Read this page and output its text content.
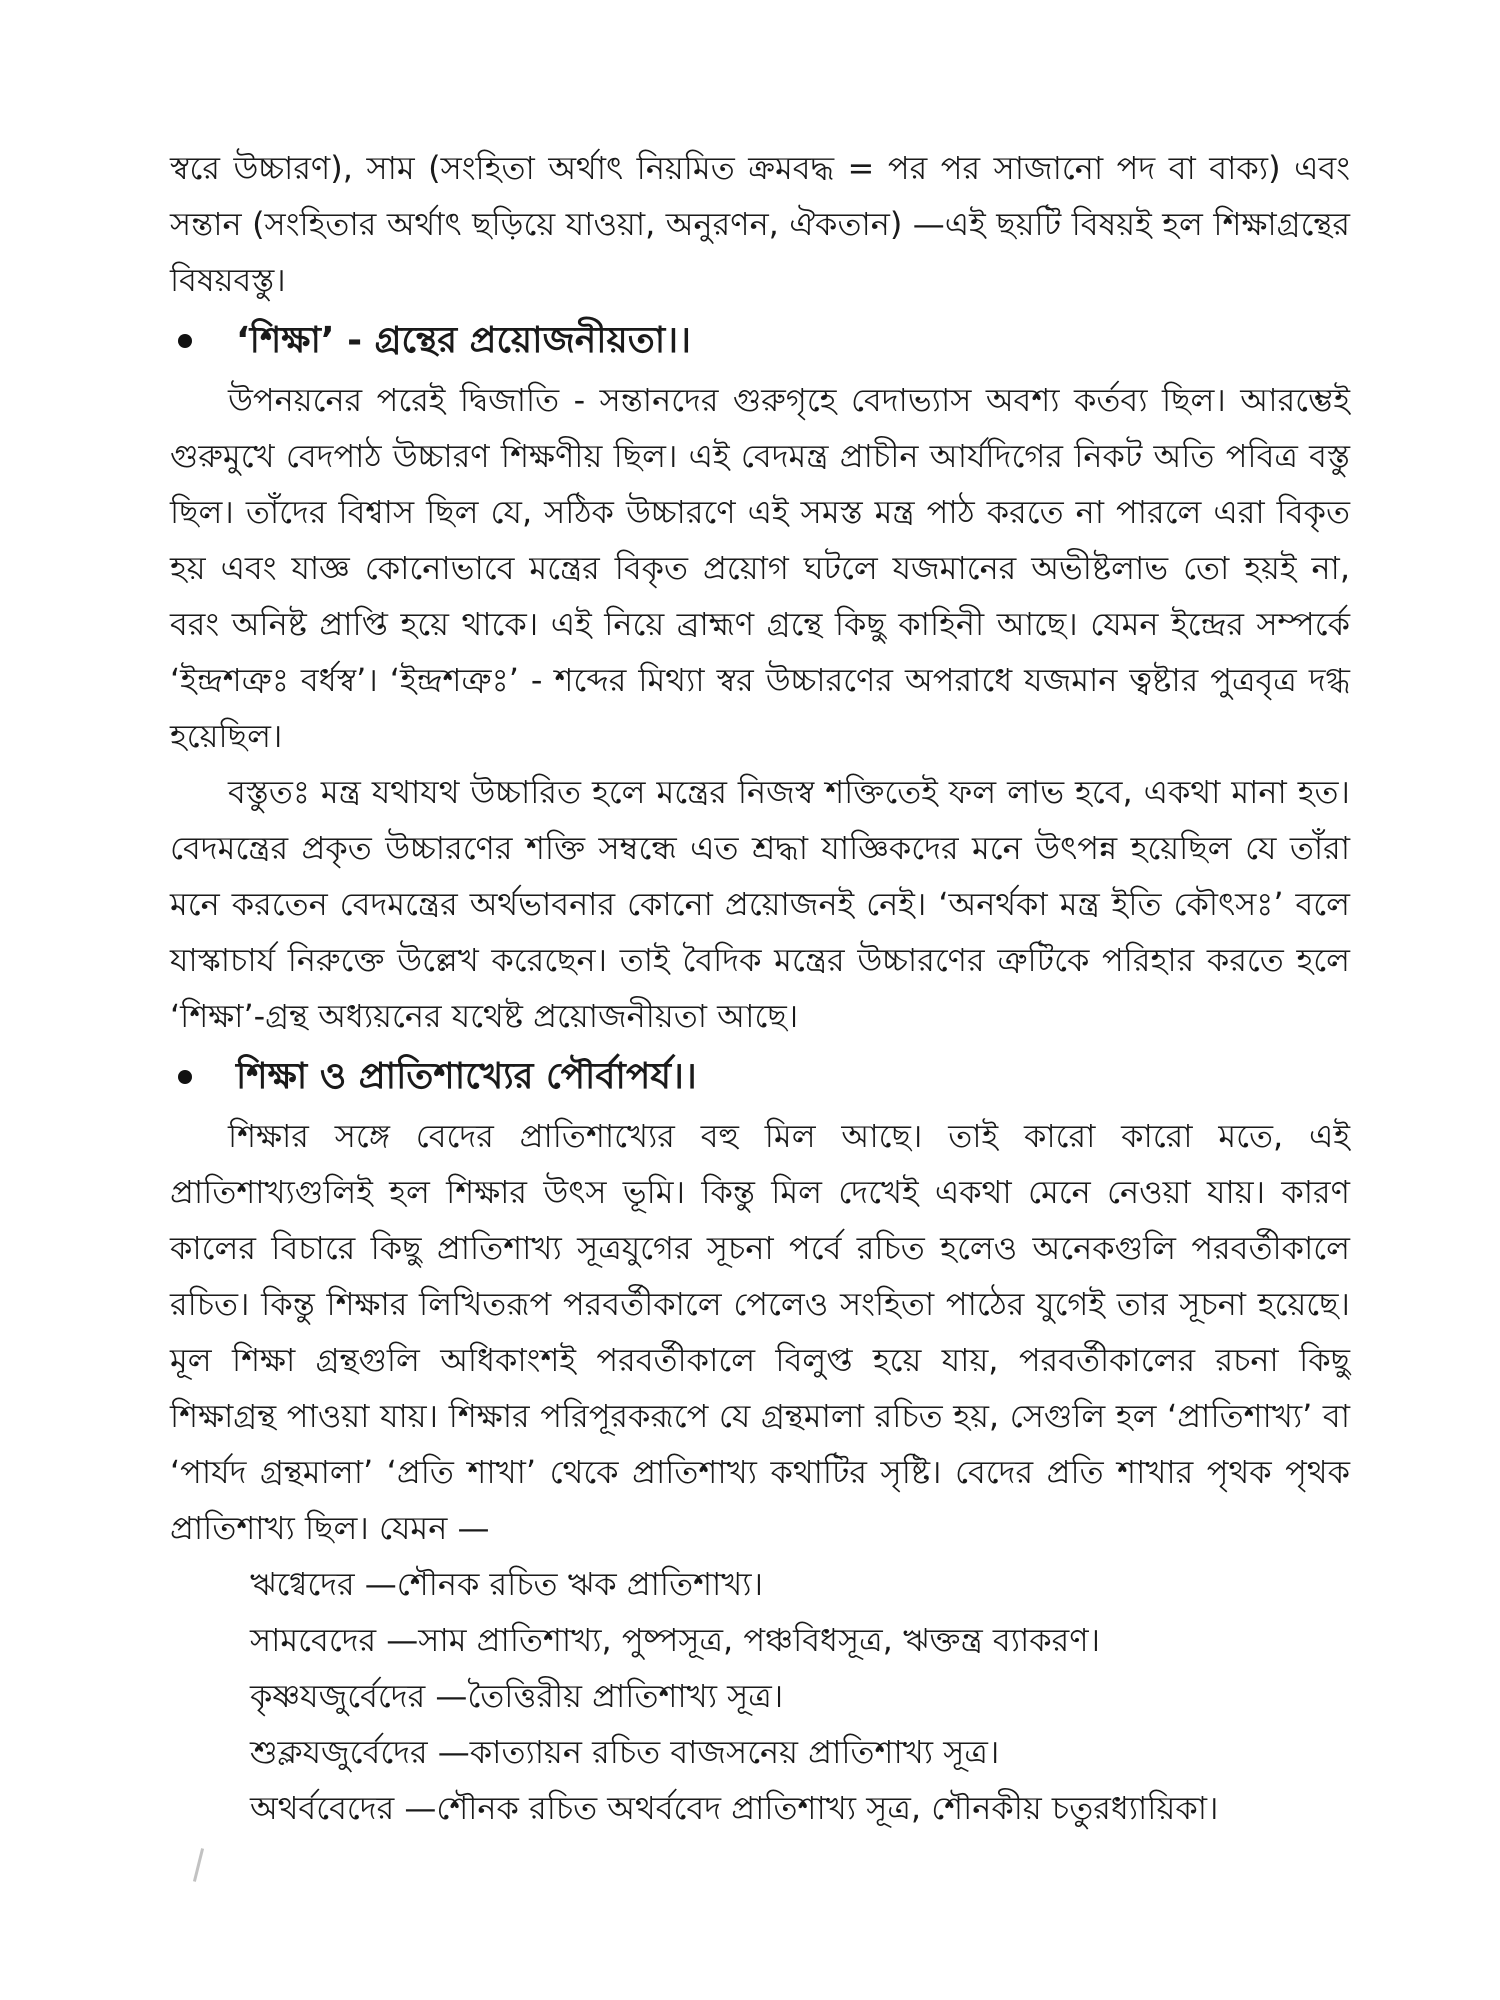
স্বরে উচ্চারণ), সাম (সংহিতা অর্থাৎ নিয়মিত ক্রমবদ্ধ = পর পর সাজানো পদ বা বাক্য) এবং সন্তান (সংহিতার অর্থাৎ ছড়িয়ে যাওয়া, অনুরণন, ঐকতান) —এই ছয়টি বিষয়ই হল শিক্ষাগ্রন্থের বিষয়বস্তু।

‘শিক্ষা’ - গ্রন্থের প্রয়োজনীয়তা।।

উপনয়নের পরেই দ্বিজাতি - সন্তানদের গুরুগৃহে বেদাভ্যাস অবশ্য কর্তব্য ছিল। আরম্ভেই গুরুমুখে বেদপাঠ উচ্চারণ শিক্ষণীয় ছিল। এই বেদমন্ত্র প্রাচীন আর্যদিগের নিকট অতি পবিত্র বস্তু ছিল। তাঁদের বিশ্বাস ছিল যে, সঠিক উচ্চারণে এই সমস্ত মন্ত্র পাঠ করতে না পারলে এরা বিকৃত হয় এবং যাজ্ঞ কোনোভাবে মন্ত্রের বিকৃত প্রয়োগ ঘটলে যজমানের অভীষ্টলাভ তো হয়ই না, বরং অনিষ্ট প্রাপ্তি হয়ে থাকে। এই নিয়ে ব্রাহ্মণ গ্রন্থে কিছু কাহিনী আছে। যেমন ইন্দ্রের সম্পর্কে ‘ইন্দ্রশত্রুঃ বর্ধস্ব’। ‘ইন্দ্রশত্রুঃ’ - শব্দের মিথ্যা স্বর উচ্চারণের অপরাধে যজমান ত্বষ্টার পুত্রবৃত্র দগ্ধ হয়েছিল।

বস্তুতঃ মন্ত্র যথাযথ উচ্চারিত হলে মন্ত্রের নিজস্ব শক্তিতেই ফল লাভ হবে, একথা মানা হত। বেদমন্ত্রের প্রকৃত উচ্চারণের শক্তি সম্বন্ধে এত শ্রদ্ধা যাজ্ঞিকদের মনে উৎপন্ন হয়েছিল যে তাঁরা মনে করতেন বেদমন্ত্রের অর্থভাবনার কোনো প্রয়োজনই নেই। ‘অনর্থকা মন্ত্র ইতি কৌৎসঃ’ বলে যাস্কাচার্য নিরুক্তে উল্লেখ করেছেন। তাই বৈদিক মন্ত্রের উচ্চারণের ত্রুটিকে পরিহার করতে হলে ‘শিক্ষা’-গ্রন্থ অধ্যয়নের যথেষ্ট প্রয়োজনীয়তা আছে।

শিক্ষা ও প্রাতিশাখ্যের পৌর্বাপর্য।।

শিক্ষার সঙ্গে বেদের প্রাতিশাখ্যের বহু মিল আছে। তাই কারো কারো মতে, এই প্রাতিশাখ্যগুলিই হল শিক্ষার উৎস ভূমি। কিন্তু মিল দেখেই একথা মেনে নেওয়া যায়। কারণ কালের বিচারে কিছু প্রাতিশাখ্য সূত্রযুগের সূচনা পর্বে রচিত হলেও অনেকগুলি পরবর্তীকালে রচিত। কিন্তু শিক্ষার লিখিতরূপ পরবর্তীকালে পেলেও সংহিতা পাঠের যুগেই তার সূচনা হয়েছে। মূল শিক্ষা গ্রন্থগুলি অধিকাংশই পরবর্তীকালে বিলুপ্ত হয়ে যায়, পরবর্তীকালের রচনা কিছু শিক্ষাগ্রন্থ পাওয়া যায়। শিক্ষার পরিপূরকরূপে যে গ্রন্থমালা রচিত হয়, সেগুলি হল ‘প্রাতিশাখ্য’ বা ‘পার্যদ গ্রন্থমালা’ ‘প্রতি শাখা’ থেকে প্রাতিশাখ্য কথাটির সৃষ্টি। বেদের প্রতি শাখার পৃথক পৃথক প্রাতিশাখ্য ছিল। যেমন —

ঋগ্বেদের —শৌনক রচিত ঋক প্রাতিশাখ্য।
সামবেদের —সাম প্রাতিশাখ্য, পুষ্পসূত্র, পঞ্চবিধসূত্র, ঋক্তন্ত্র ব্যাকরণ।
কৃষ্ণযজুর্বেদের —তৈত্তিরীয় প্রাতিশাখ্য সূত্র।
শুক্লযজুর্বেদের —কাত্যায়ন রচিত বাজসনেয় প্রাতিশাখ্য সূত্র।
অথর্ববেদের —শৌনক রচিত অথর্ববেদ প্রাতিশাখ্য সূত্র, শৌনকীয় চতুরধ্যায়িকা।
